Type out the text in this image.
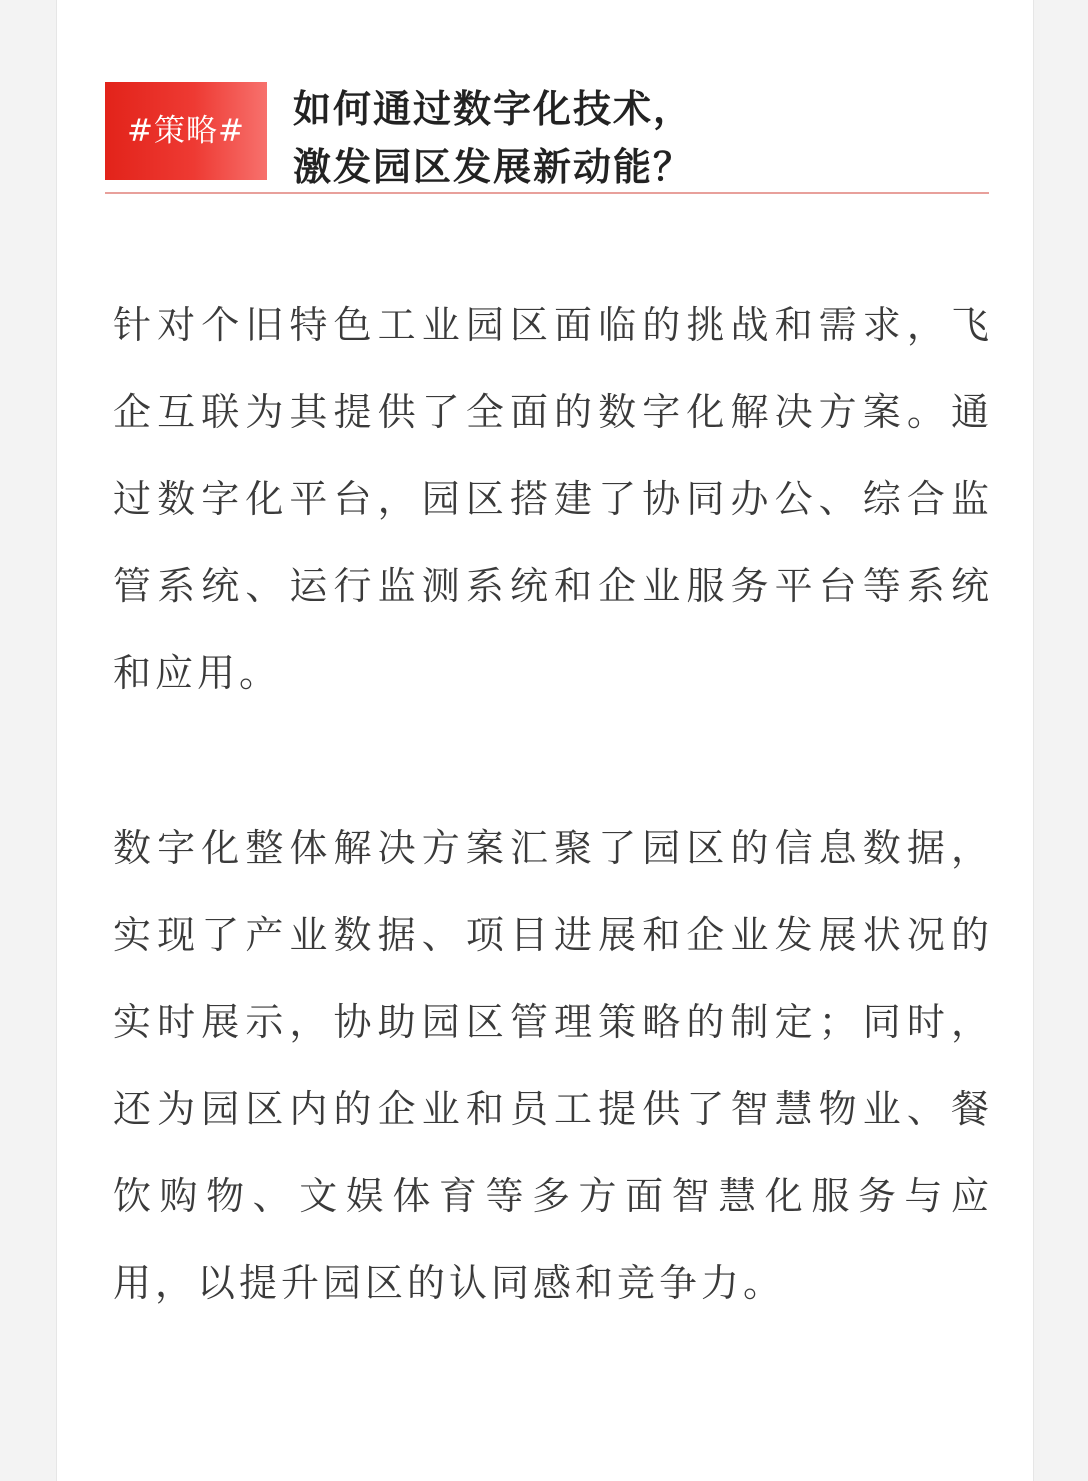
#策略#	如何通过数字化技术，
激发园区发展新动能？

针对个旧特色工业园区面临的挑战和需求，飞企互联为其提供了全面的数字化解决方案。通过数字化平台，园区搭建了协同办公、综合监管系统、运行监测系统和企业服务平台等系统和应用。

数字化整体解决方案汇聚了园区的信息数据，实现了产业数据、项目进展和企业发展状况的实时展示，协助园区管理策略的制定；同时，还为园区内的企业和员工提供了智慧物业、餐饮购物、文娱体育等多方面智慧化服务与应用，以提升园区的认同感和竞争力。
